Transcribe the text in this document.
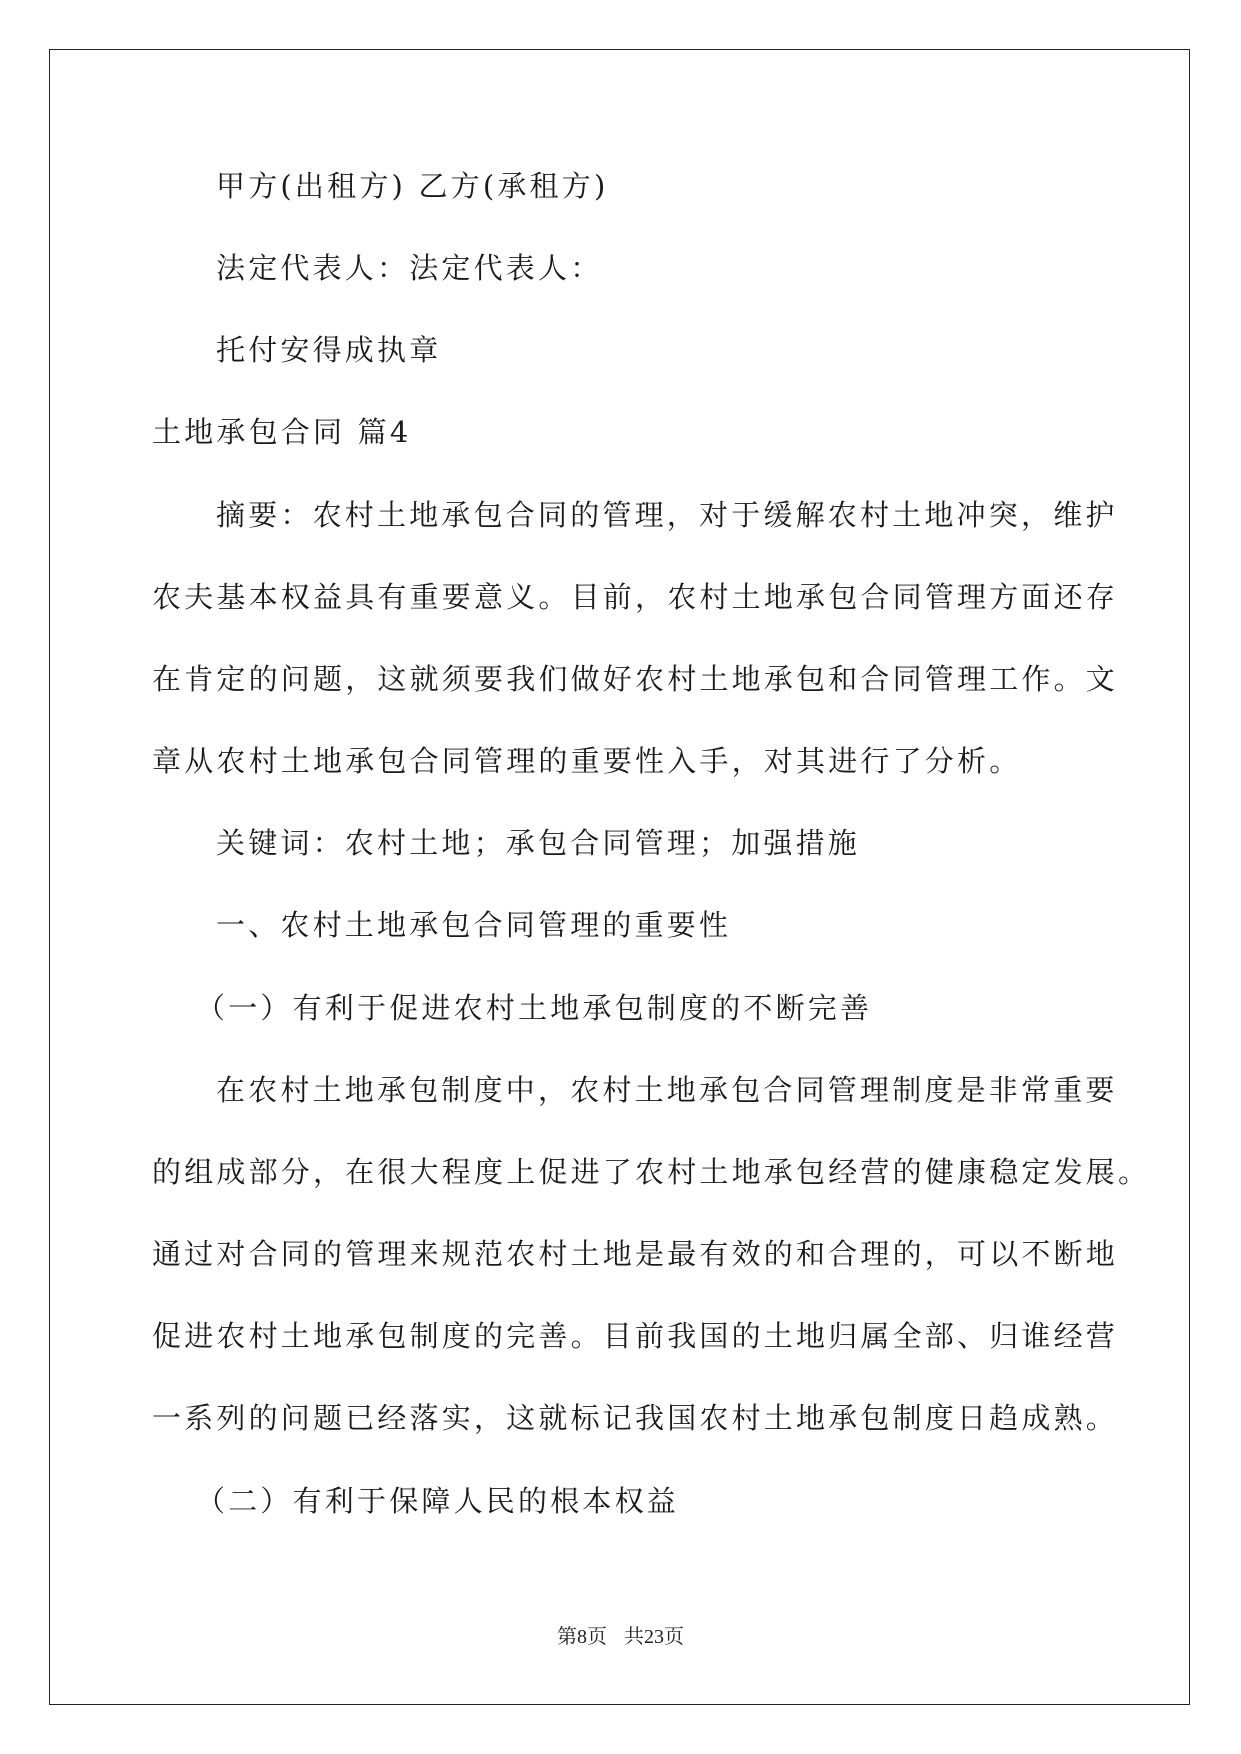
甲方(出租方) 乙方(承租方)
法定代表人：法定代表人：
托付安得成执章
土地承包合同 篇4
摘要：农村土地承包合同的管理，对于缓解农村土地冲突，维护
农夫基本权益具有重要意义。目前，农村土地承包合同管理方面还存
在肯定的问题，这就须要我们做好农村土地承包和合同管理工作。文
章从农村土地承包合同管理的重要性入手，对其进行了分析。
关键词：农村土地；承包合同管理；加强措施
一、农村土地承包合同管理的重要性
（一）有利于促进农村土地承包制度的不断完善
在农村土地承包制度中，农村土地承包合同管理制度是非常重要
的组成部分，在很大程度上促进了农村土地承包经营的健康稳定发展。
通过对合同的管理来规范农村土地是最有效的和合理的，可以不断地
促进农村土地承包制度的完善。目前我国的土地归属全部、归谁经营
一系列的问题已经落实，这就标记我国农村土地承包制度日趋成熟。
（二）有利于保障人民的根本权益
第8页 共23页
